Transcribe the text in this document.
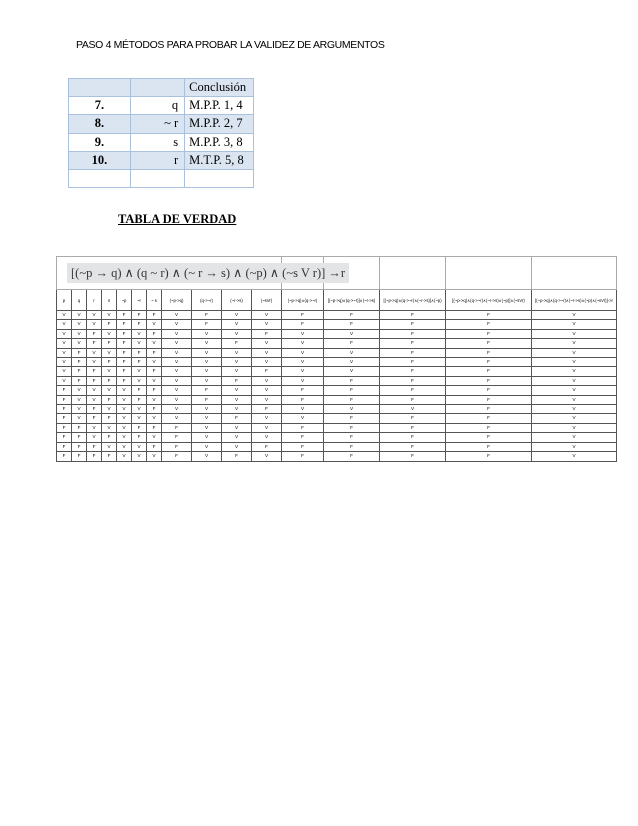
PASO 4 MÉTODOS PARA PROBAR LA VALIDEZ DE ARGUMENTOS
		Conclusión
7.	q	M.P.P. 1, 4
8.	~ r	M.P.P. 2, 7
9.	s	M.P.P. 3, 8
10.	r	M.T.P. 5, 8

TABLA DE VERDAD
[(~p → q) ∧ (q ~ r) ∧ (~ r → s) ∧ (~p) ∧ (~s V r)] →r															
p	q	r	s	~p	~r	~ s	(~p->q)	(q->~r)	(~r->s)	(~sVr)	(~p->q)∧(q->~r)	[(~p->q)∧(q->~r)]∧(~r->s)	[(~p->q)∧(q->~r)∧(~r->s)]∧(~p)	[(~p->q)∧(q->~r)∧(~r->s)∧(~p)]∧(~sVr)	[(~p->q)∧(q->~r)∧(~r->s)∧(~p)∧(~sVr)]->r
V	V	V	V	F	F	F	V	F	V	V	F	F	F	F	V
V	V	V	F	F	F	V	V	F	V	V	F	F	F	F	V
V	V	F	V	F	V	F	V	V	V	F	V	V	F	F	V
V	V	F	F	F	V	V	V	V	F	V	V	F	F	F	V
V	F	V	V	F	F	F	V	V	V	V	V	V	F	F	V
V	F	V	F	F	F	V	V	V	V	V	V	V	F	F	V
V	F	F	V	F	V	F	V	V	V	F	V	V	F	F	V
V	F	F	F	F	V	V	V	V	F	V	V	F	F	F	V
F	V	V	V	V	F	F	V	F	V	V	F	F	F	F	V
F	V	V	F	V	F	V	V	F	V	V	F	F	F	F	V
F	V	F	V	V	V	F	V	V	V	F	V	V	V	F	V
F	V	F	F	V	V	V	V	V	F	V	V	F	F	F	V
F	F	V	V	V	F	F	F	V	V	V	F	F	F	F	V
F	F	V	F	V	F	V	F	V	V	V	F	F	F	F	V
F	F	F	V	V	V	F	F	V	V	F	F	F	F	F	V
F	F	F	F	V	V	V	F	V	F	V	F	F	F	F	V
